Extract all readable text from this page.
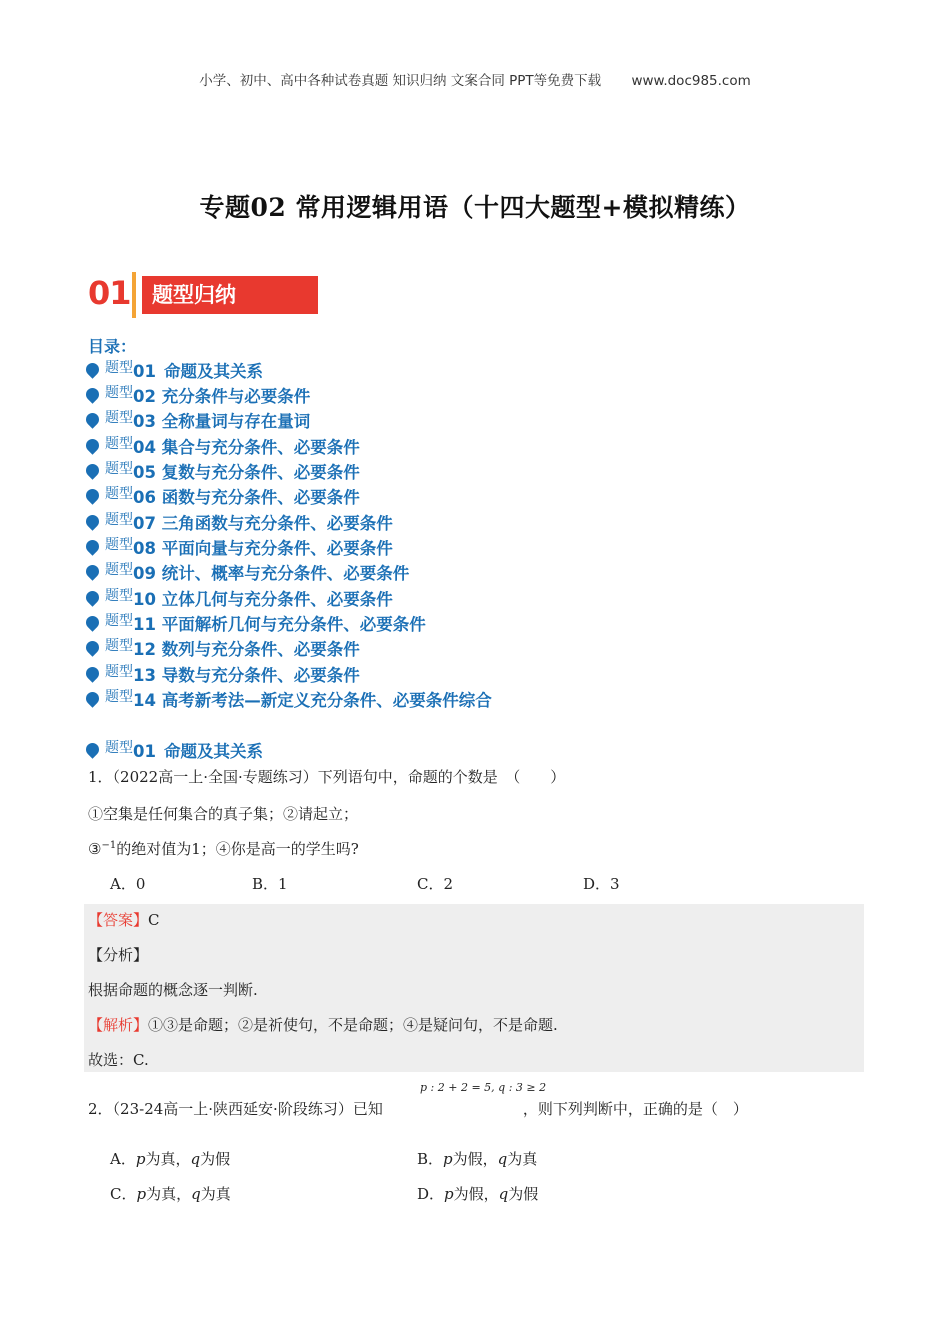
小学、初中、高中各种试卷真题 知识归纳 文案合同 PPT等免费下载 www.doc985.com
专题02 常用逻辑用语（十四大题型+模拟精练）
01	题型归纳
目录：
$^{题型}$01 命题及其关系
$^{题型}$02 充分条件与必要条件
$^{题型}$03 全称量词与存在量词
$^{题型}$04 集合与充分条件、必要条件
$^{题型}$05 复数与充分条件、必要条件
$^{题型}$06 函数与充分条件、必要条件
$^{题型}$07 三角函数与充分条件、必要条件
$^{题型}$08 平面向量与充分条件、必要条件
$^{题型}$09 统计、概率与充分条件、必要条件
$^{题型}$10 立体几何与充分条件、必要条件
$^{题型}$11 平面解析几何与充分条件、必要条件
$^{题型}$12 数列与充分条件、必要条件
$^{题型}$13 导数与充分条件、必要条件
$^{题型}$14 高考新考法—新定义充分条件、必要条件综合
$^{题型}$01 命题及其关系
1．（2022高一上·全国·专题练习）下列语句中，命题的个数是　（　　）
①空集是任何集合的真子集；②请起立；
③$^{-1}$的绝对值为1；④你是高一的学生吗?
A．0	B．1	C．2	D．3
【答案】C
【分析】
根据命题的概念逐一判断.
【解析】①③是命题；②是祈使句，不是命题；④是疑问句，不是命题.
故选：C.
p : 2 + 2 = 5, q : 3 ≥ 2
2．（23-24高一上·陕西延安·阶段练习）已知	，则下列判断中，正确的是（　）
A．p为真，q为假	B．p为假，q为真
C．p为真，q为真	D．p为假，q为假
